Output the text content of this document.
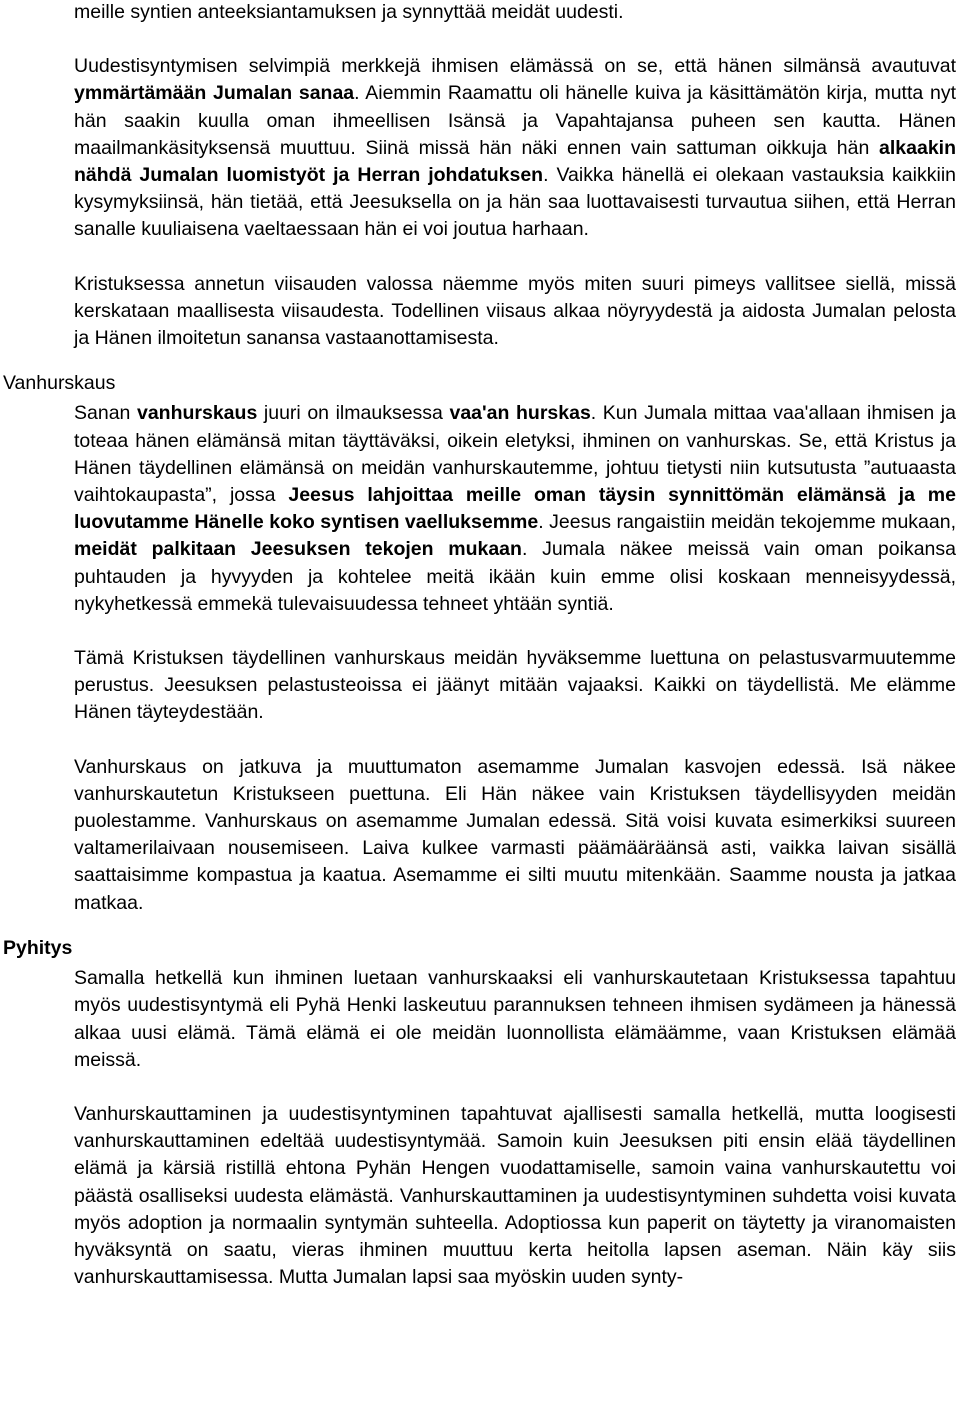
meille syntien anteeksiantamuksen ja synnyttää meidät uudesti.

Uudestisyntymisen selvimpiä merkkejä ihmisen elämässä on se, että hänen silmänsä avautuvat ymmärtämään Jumalan sanaa. Aiemmin Raamattu oli hänelle kuiva ja käsittämätön kirja, mutta nyt hän saakin kuulla oman ihmeellisen Isänsä ja Vapahtajansa puheen sen kautta. Hänen maailmankäsityksensä muuttuu. Siinä missä hän näki ennen vain sattuman oikkuja hän alkaakin nähdä Jumalan luomistyöt ja Herran johdatuksen. Vaikka hänellä ei olekaan vastauksia kaikkiin kysymyksiinsä, hän tietää, että Jeesuksella on ja hän saa luottavaisesti turvautua siihen, että Herran sanalle kuuliaisena vaeltaessaan hän ei voi joutua harhaan.

Kristuksessa annetun viisauden valossa näemme myös miten suuri pimeys vallitsee siellä, missä kerskataan maallisesta viisaudesta. Todellinen viisaus alkaa nöyryydestä ja aidosta Jumalan pelosta ja Hänen ilmoitetun sanansa vastaanottamisesta.

Vanhurskaus

Sanan vanhurskaus juuri on ilmauksessa vaa'an hurskas. Kun Jumala mittaa vaa'allaan ihmisen ja toteaa hänen elämänsä mitan täyttäväksi, oikein eletyksi, ihminen on vanhurskas. Se, että Kristus ja Hänen täydellinen elämänsä on meidän vanhurskautemme, johtuu tietysti niin kutsutusta ”autuaasta vaihtokaupasta”, jossa Jeesus lahjoittaa meille oman täysin synnittömän elämänsä ja me luovutamme Hänelle koko syntisen vaelluksemme. Jeesus rangaistiin meidän tekojemme mukaan, meidät palkitaan Jeesuksen tekojen mukaan. Jumala näkee meissä vain oman poikansa puhtauden ja hyvyyden ja kohtelee meitä ikään kuin emme olisi koskaan menneisyydessä, nykyhetkessä emmekä tulevaisuudessa tehneet yhtään syntiä.

Tämä Kristuksen täydellinen vanhurskaus meidän hyväksemme luettuna on pelastusvarmuutemme perustus. Jeesuksen pelastusteoissa ei jäänyt mitään vajaaksi. Kaikki on täydellistä. Me elämme Hänen täyteydestään.

Vanhurskaus on jatkuva ja muuttumaton asemamme Jumalan kasvojen edessä. Isä näkee vanhurskautetun Kristukseen puettuna. Eli Hän näkee vain Kristuksen täydellisyyden meidän puolestamme. Vanhurskaus on asemamme Jumalan edessä. Sitä voisi kuvata esimerkiksi suureen valtamerilaivaan nousemiseen. Laiva kulkee varmasti päämääräänsä asti, vaikka laivan sisällä saattaisimme kompastua ja kaatua. Asemamme ei silti muutu mitenkään. Saamme nousta ja jatkaa matkaa.

Pyhitys

Samalla hetkellä kun ihminen luetaan vanhurskaaksi eli vanhurskautetaan Kristuksessa tapahtuu myös uudestisyntymä eli Pyhä Henki laskeutuu parannuksen tehneen ihmisen sydämeen ja hänessä alkaa uusi elämä. Tämä elämä ei ole meidän luonnollista elämäämme, vaan Kristuksen elämää meissä.

Vanhurskauttaminen ja uudestisyntyminen tapahtuvat ajallisesti samalla hetkellä, mutta loogisesti vanhurskauttaminen edeltää uudestisyntymää. Samoin kuin Jeesuksen piti ensin elää täydellinen elämä ja kärsiä ristillä ehtona Pyhän Hengen vuodattamiselle, samoin vaina vanhurskautettu voi päästä osalliseksi uudesta elämästä. Vanhurskauttaminen ja uudestisyntyminen suhdetta voisi kuvata myös adoption ja normaalin syntymän suhteella. Adoptiossa kun paperit on täytetty ja viranomaisten hyväksyntä on saatu, vieras ihminen muuttuu kerta heitolla lapsen aseman. Näin käy siis vanhurskauttamisessa. Mutta Jumalan lapsi saa myöskin uuden synty-
